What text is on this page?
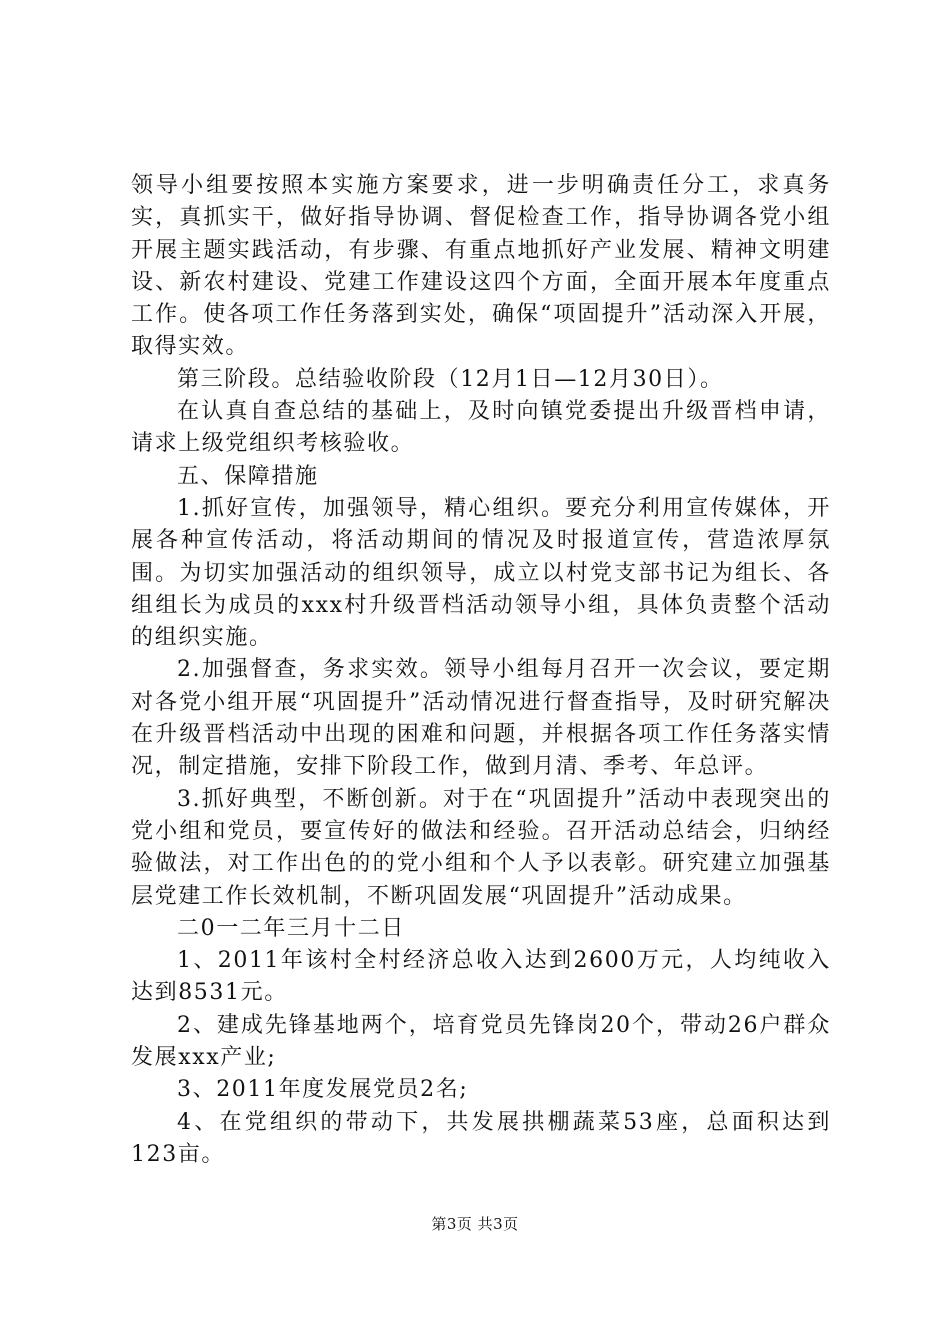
领导小组要按照本实施方案要求，进一步明确责任分工，求真务实，真抓实干，做好指导协调、督促检查工作，指导协调各党小组开展主题实践活动，有步骤、有重点地抓好产业发展、精神文明建设、新农村建设、党建工作建设这四个方面，全面开展本年度重点工作。使各项工作任务落到实处，确保“项固提升”活动深入开展，取得实效。

第三阶段。总结验收阶段（12月1日—12月30日）。

在认真自查总结的基础上，及时向镇党委提出升级晋档申请，请求上级党组织考核验收。

五、保障措施

1.抓好宣传，加强领导，精心组织。要充分利用宣传媒体，开展各种宣传活动，将活动期间的情况及时报道宣传，营造浓厚氛围。为切实加强活动的组织领导，成立以村党支部书记为组长、各组组长为成员的xxx村升级晋档活动领导小组，具体负责整个活动的组织实施。

2.加强督查，务求实效。领导小组每月召开一次会议，要定期对各党小组开展“巩固提升”活动情况进行督查指导，及时研究解决在升级晋档活动中出现的困难和问题，并根据各项工作任务落实情况，制定措施，安排下阶段工作，做到月清、季考、年总评。

3.抓好典型，不断创新。对于在“巩固提升”活动中表现突出的党小组和党员，要宣传好的做法和经验。召开活动总结会，归纳经验做法，对工作出色的的党小组和个人予以表彰。研究建立加强基层党建工作长效机制，不断巩固发展“巩固提升”活动成果。

二0一二年三月十二日

1、2011年该村全村经济总收入达到2600万元，人均纯收入达到8531元。

2、建成先锋基地两个，培育党员先锋岗20个，带动26户群众发展xxx产业;

3、2011年度发展党员2名;

4、在党组织的带动下，共发展拱棚蔬菜53座，总面积达到123亩。

第3页 共3页
